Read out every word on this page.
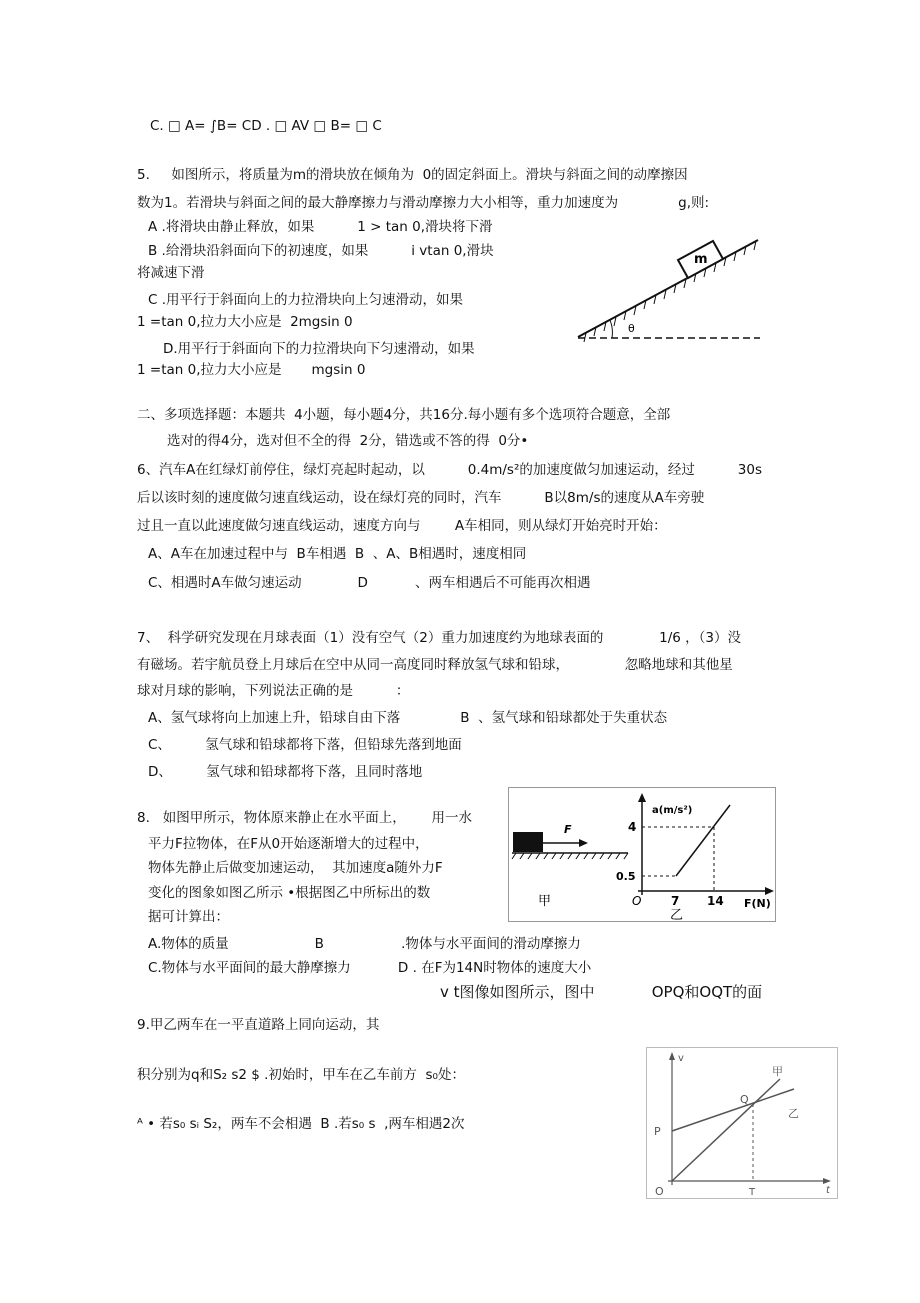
C. □ A= ∫B= CD . □ AV □ B= □ C
5.     如图所示，将质量为m的滑块放在倾角为  0的固定斜面上。滑块与斜面之间的动摩擦因
数为1。若滑块与斜面之间的最大静摩擦力与滑动摩擦力大小相等，重力加速度为              g,则:
A .将滑块由静止释放，如果          1 > tan 0,滑块将下滑
B .给滑块沿斜面向下的初速度，如果          i vtan 0,滑块
将减速下滑
C .用平行于斜面向上的力拉滑块向上匀速滑动，如果
1 =tan 0,拉力大小应是  2mgsin 0
D.用平行于斜面向下的力拉滑块向下匀速滑动，如果
1 =tan 0,拉力大小应是       mgsin 0
m
θ
二、多项选择题：本题共  4小题，每小题4分，共16分.每小题有多个选项符合题意，全部
选对的得4分，选对但不全的得  2分，错选或不答的得  0分•
6、汽车A在红绿灯前停住，绿灯亮起时起动，以          0.4m/s²的加速度做匀加速运动，经过          30s
后以该时刻的速度做匀速直线运动，设在绿灯亮的同时，汽车          B以8m/s的速度从A车旁驶
过且一直以此速度做匀速直线运动，速度方向与        A车相同，则从绿灯开始亮时开始：
A、A车在加速过程中与  B车相遇  B  、A、B相遇时，速度相同
C、相遇时A车做匀速运动             D           、两车相遇后不可能再次相遇
7、  科学研究发现在月球表面（1）没有空气（2）重力加速度约为地球表面的             1/6 ，（3）没
有磁场。若宇航员登上月球后在空中从同一高度同时释放氢气球和铅球，             忽略地球和其他星
球对月球的影响，下列说法正确的是          ：
A、氢气球将向上加速上升，铅球自由下落              B  、氢气球和铅球都处于失重状态
C、        氢气球和铅球都将下落，但铅球先落到地面
D、        氢气球和铅球都将下落，且同时落地
8.   如图甲所示，物体原来静止在水平面上，      用一水
平力F拉物体，在F从0开始逐渐增大的过程中，
物体先静止后做变加速运动，  其加速度a随外力F
变化的图象如图乙所示 •根据图乙中所标出的数
据可计算出：
A.物体的质量                    B                  .物体与水平面间的滑动摩擦力
C.物体与水平面间的最大静摩擦力           D . 在F为14N时物体的速度大小
F
甲
a(m/s²)
F(N)
O
4
0.5
7 14
乙
v t图像如图所示，图中            OPQ和OQT的面
9.甲乙两车在一平直道路上同向运动，其
积分别为q和S₂ s2 $ .初始时，甲车在乙车前方  s₀处：
ᴬ • 若s₀ sᵢ S₂，两车不会相遇  B .若s₀ s  ,两车相遇2次
v
t
O
P
Q
T
甲
乙
